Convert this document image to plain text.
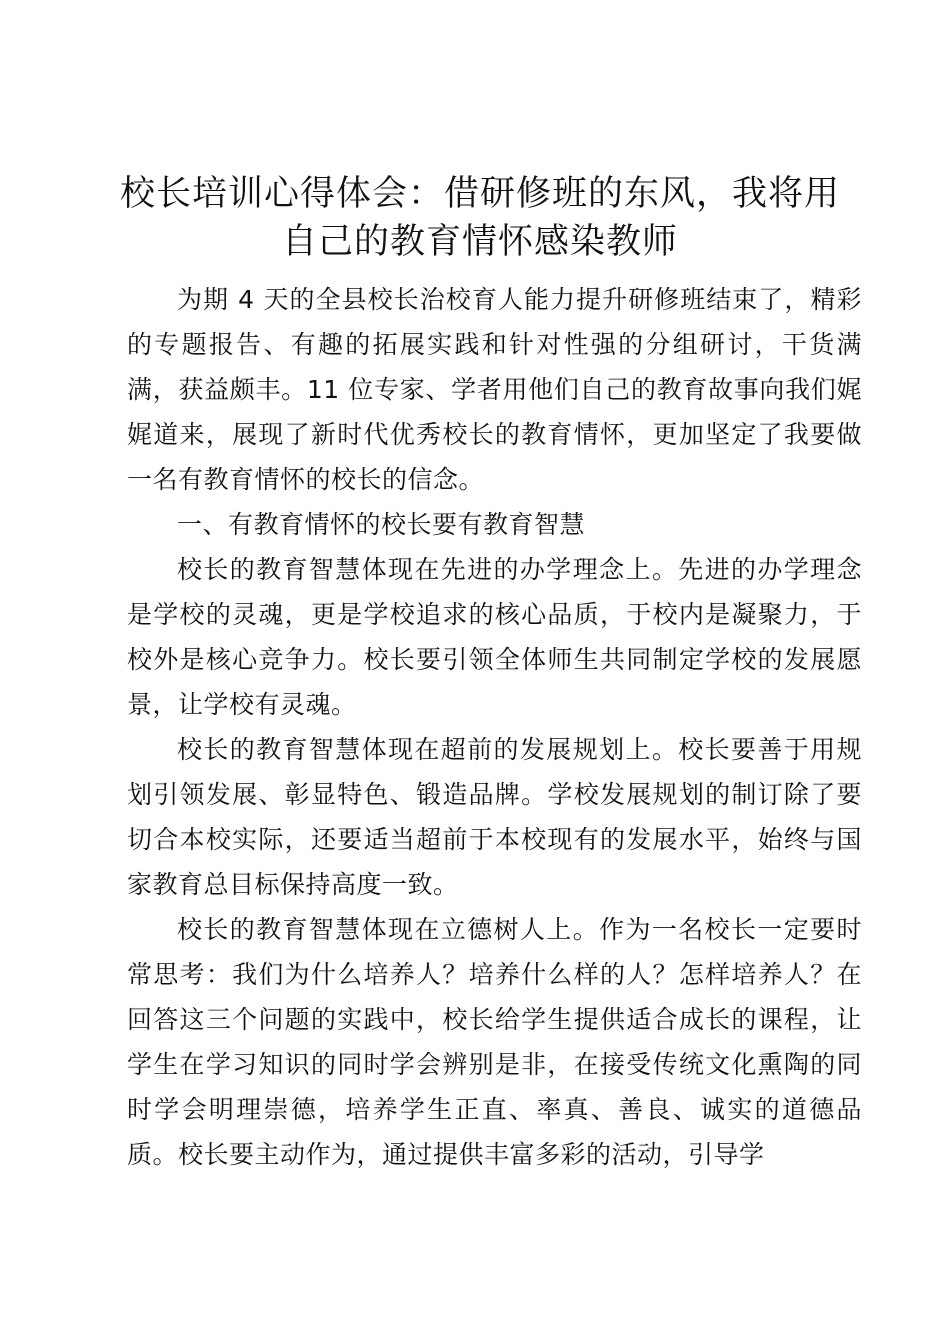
校长培训心得体会：借研修班的东风，我将用自己的教育情怀感染教师

为期 4 天的全县校长治校育人能力提升研修班结束了，精彩的专题报告、有趣的拓展实践和针对性强的分组研讨，干货满满，获益颇丰。11 位专家、学者用他们自己的教育故事向我们娓娓道来，展现了新时代优秀校长的教育情怀，更加坚定了我要做一名有教育情怀的校长的信念。

一、有教育情怀的校长要有教育智慧

校长的教育智慧体现在先进的办学理念上。先进的办学理念是学校的灵魂，更是学校追求的核心品质，于校内是凝聚力，于校外是核心竞争力。校长要引领全体师生共同制定学校的发展愿景，让学校有灵魂。

校长的教育智慧体现在超前的发展规划上。校长要善于用规划引领发展、彰显特色、锻造品牌。学校发展规划的制订除了要切合本校实际，还要适当超前于本校现有的发展水平，始终与国家教育总目标保持高度一致。

校长的教育智慧体现在立德树人上。作为一名校长一定要时常思考：我们为什么培养人？培养什么样的人？怎样培养人？在回答这三个问题的实践中，校长给学生提供适合成长的课程，让学生在学习知识的同时学会辨别是非，在接受传统文化熏陶的同时学会明理崇德，培养学生正直、率真、善良、诚实的道德品质。校长要主动作为，通过提供丰富多彩的活动，引导学
